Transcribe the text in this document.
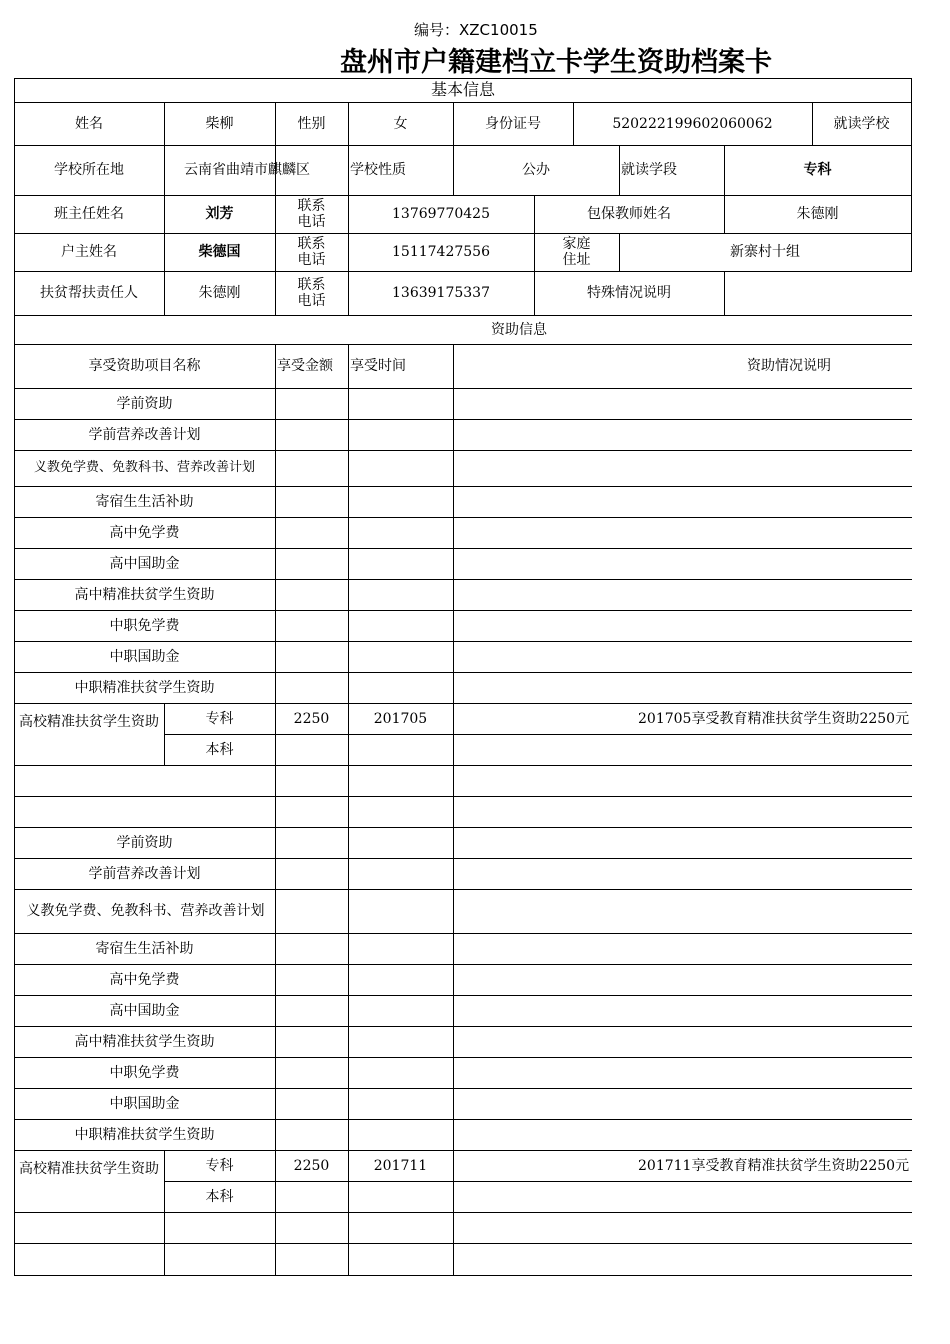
编号：XZC10015
盘州市户籍建档立卡学生资助档案卡
基本信息
姓名	柴柳	性别	女	身份证号	520222199602060062	就读学校
学校所在地	云南省曲靖市麒麟区	学校性质	公办	就读学段	专科
班主任姓名	刘芳	联系电话	13769770425	包保教师姓名	朱德刚
户主姓名	柴德国	联系电话	15117427556	家庭住址	新寨村十组
扶贫帮扶责任人	朱德刚	联系电话	13639175337	特殊情况说明
资助信息
享受资助项目名称	享受金额	享受时间	资助情况说明
学前资助
学前营养改善计划
义教免学费、免教科书、营养改善计划
寄宿生生活补助
高中免学费
高中国助金
高中精准扶贫学生资助
中职免学费
中职国助金
中职精准扶贫学生资助
高校精准扶贫学生资助	专科	2250	201705	201705享受教育精准扶贫学生资助2250元
本科
学前资助
学前营养改善计划
义教免学费、免教科书、营养改善计划
寄宿生生活补助
高中免学费
高中国助金
高中精准扶贫学生资助
中职免学费
中职国助金
中职精准扶贫学生资助
高校精准扶贫学生资助	专科	2250	201711	201711享受教育精准扶贫学生资助2250元
本科
